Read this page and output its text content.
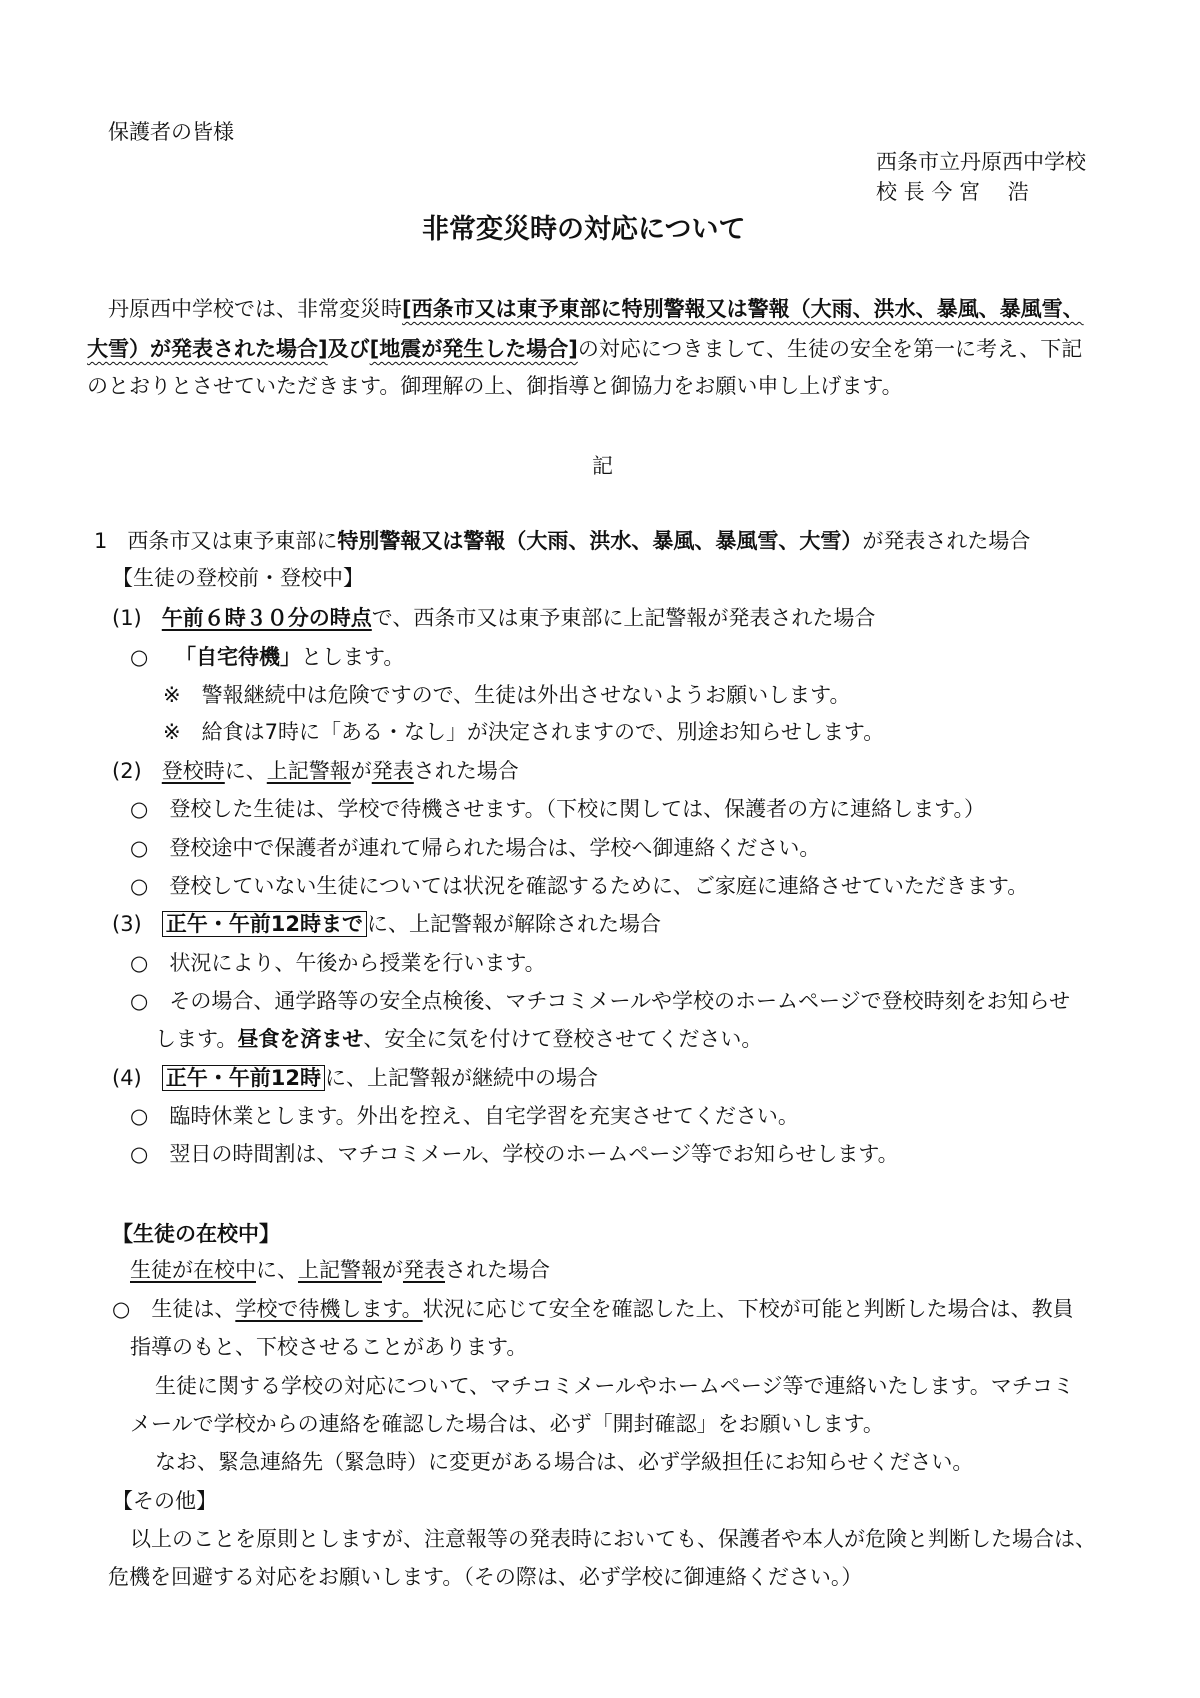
保護者の皆様
西条市立丹原西中学校
校 長 今 宮　 浩
非常変災時の対応について
丹原西中学校では、非常変災時[西条市又は東予東部に特別警報又は警報（大雨、洪水、暴風、暴風雪、
大雪）が発表された場合]及び[地震が発生した場合]の対応につきまして、生徒の安全を第一に考え、下記
のとおりとさせていただきます。御理解の上、御指導と御協力をお願い申し上げます。
記
1 西条市又は東予東部に特別警報又は警報（大雨、洪水、暴風、暴風雪、大雪）が発表された場合
【生徒の登校前・登校中】
(1) 午前６時３０分の時点で、西条市又は東予東部に上記警報が発表された場合
○ 「自宅待機」とします。
※　警報継続中は危険ですので、生徒は外出させないようお願いします。
※　給食は7時に「ある・なし」が決定されますので、別途お知らせします。
(2) 登校時に、上記警報が発表された場合
○　登校した生徒は、学校で待機させます。（下校に関しては、保護者の方に連絡します。）
○　登校途中で保護者が連れて帰られた場合は、学校へ御連絡ください。
○　登校していない生徒については状況を確認するために、ご家庭に連絡させていただきます。
(3) 正午・午前12時まで に、上記警報が解除された場合
○　状況により、午後から授業を行います。
○　その場合、通学路等の安全点検後、マチコミメールや学校のホームページで登校時刻をお知らせ
します。昼食を済ませ、安全に気を付けて登校させてください。
(4) 正午・午前12時 に、上記警報が継続中の場合
○　臨時休業とします。外出を控え、自宅学習を充実させてください。
○　翌日の時間割は、マチコミメール、学校のホームページ等でお知らせします。
【生徒の在校中】
生徒が在校中に、上記警報が発表された場合
○　生徒は、学校で待機します。状況に応じて安全を確認した上、下校が可能と判断した場合は、教員
指導のもと、下校させることがあります。
生徒に関する学校の対応について、マチコミメールやホームページ等で連絡いたします。マチコミ
メールで学校からの連絡を確認した場合は、必ず「開封確認」をお願いします。
なお、緊急連絡先（緊急時）に変更がある場合は、必ず学級担任にお知らせください。
【その他】
以上のことを原則としますが、注意報等の発表時においても、保護者や本人が危険と判断した場合は、
危機を回避する対応をお願いします。（その際は、必ず学校に御連絡ください。）
